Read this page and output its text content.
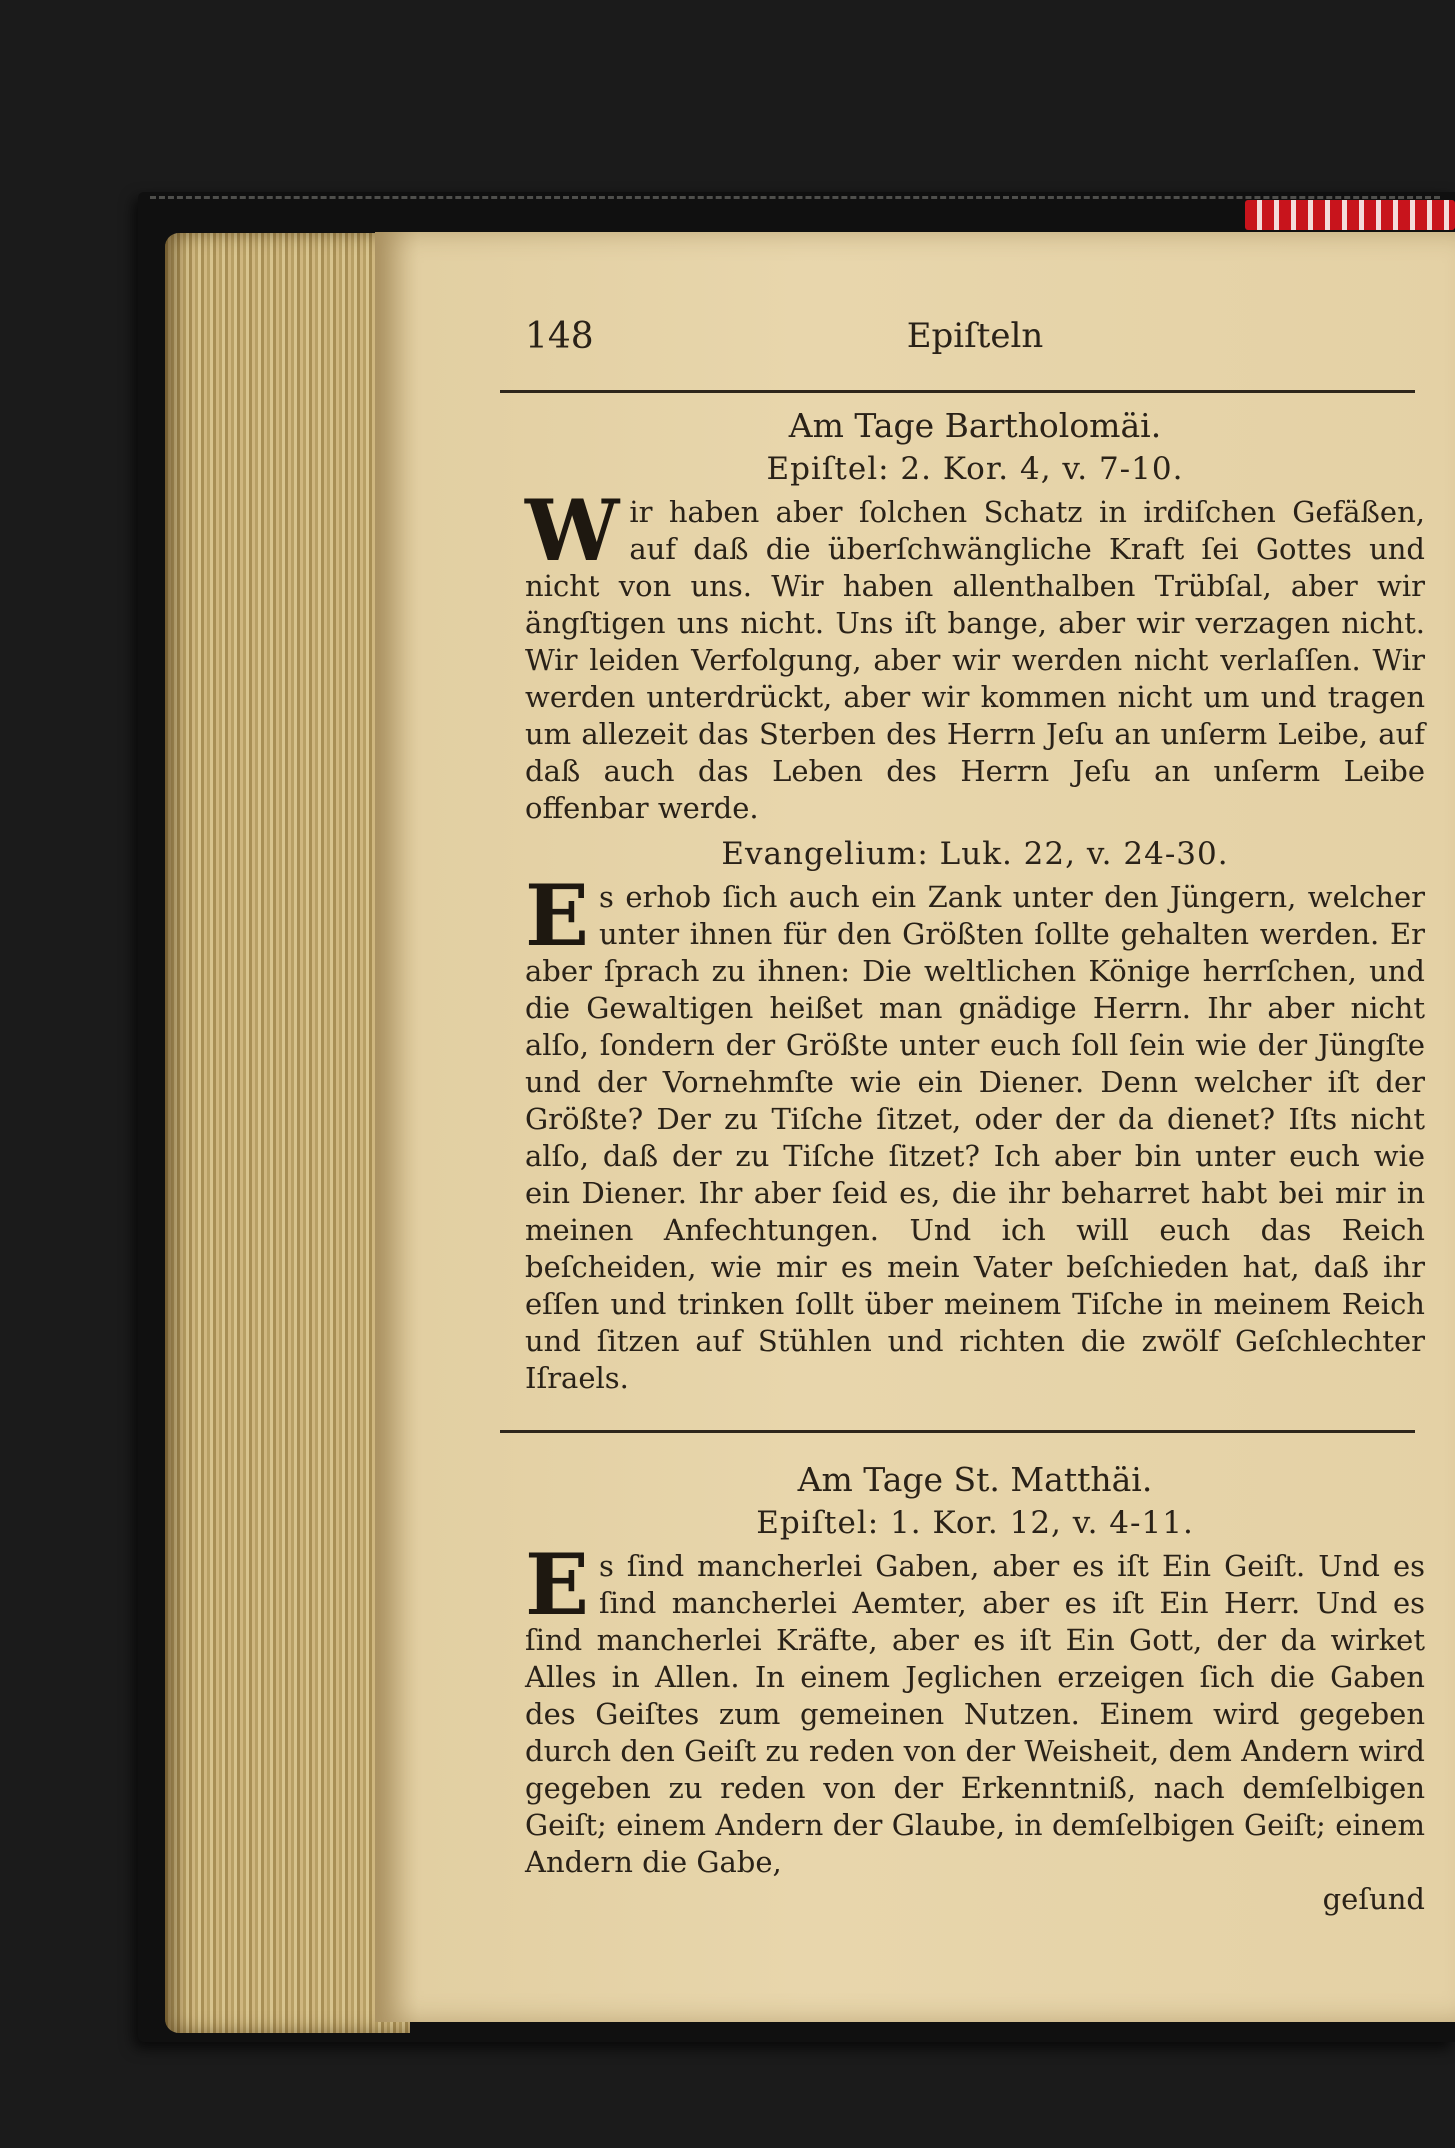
148	Epiſteln
Am Tage Bartholomäi.
Epiſtel: 2. Kor. 4, v. 7-10.

W ir haben aber ſolchen Schatz in irdiſchen Gefäßen, auf daß die überſchwängliche Kraft ſei Gottes und nicht von uns. Wir haben allenthalben Trübſal, aber wir ängſtigen uns nicht. Uns iſt bange, aber wir verzagen nicht. Wir leiden Verfolgung, aber wir werden nicht verlaſſen. Wir werden unterdrückt, aber wir kommen nicht um und tragen um allezeit das Sterben des Herrn Jeſu an unſerm Leibe, auf daß auch das Leben des Herrn Jeſu an unſerm Leibe offenbar werde.

Evangelium: Luk. 22, v. 24-30.

E s erhob ſich auch ein Zank unter den Jüngern, welcher unter ihnen für den Größten ſollte gehalten werden. Er aber ſprach zu ihnen: Die weltlichen Könige herrſchen, und die Gewaltigen heißet man gnädige Herrn. Ihr aber nicht alſo, ſondern der Größte unter euch ſoll ſein wie der Jüngſte und der Vornehmſte wie ein Diener. Denn welcher iſt der Größte? Der zu Tiſche ſitzet, oder der da dienet? Iſts nicht alſo, daß der zu Tiſche ſitzet? Ich aber bin unter euch wie ein Diener. Ihr aber ſeid es, die ihr beharret habt bei mir in meinen Anfechtungen. Und ich will euch das Reich beſcheiden, wie mir es mein Vater beſchieden hat, daß ihr eſſen und trinken ſollt über meinem Tiſche in meinem Reich und ſitzen auf Stühlen und richten die zwölf Geſchlechter Iſraels.

Am Tage St. Matthäi.
Epiſtel: 1. Kor. 12, v. 4-11.

E s ſind mancherlei Gaben, aber es iſt Ein Geiſt. Und es ſind mancherlei Aemter, aber es iſt Ein Herr. Und es ſind mancherlei Kräfte, aber es iſt Ein Gott, der da wirket Alles in Allen. In einem Jeglichen erzeigen ſich die Gaben des Geiſtes zum gemeinen Nutzen. Einem wird gegeben durch den Geiſt zu reden von der Weisheit, dem Andern wird gegeben zu reden von der Erkenntniß, nach demſelbigen Geiſt; einem Andern der Glaube, in demſelbigen Geiſt; einem Andern die Gabe,

geſund
